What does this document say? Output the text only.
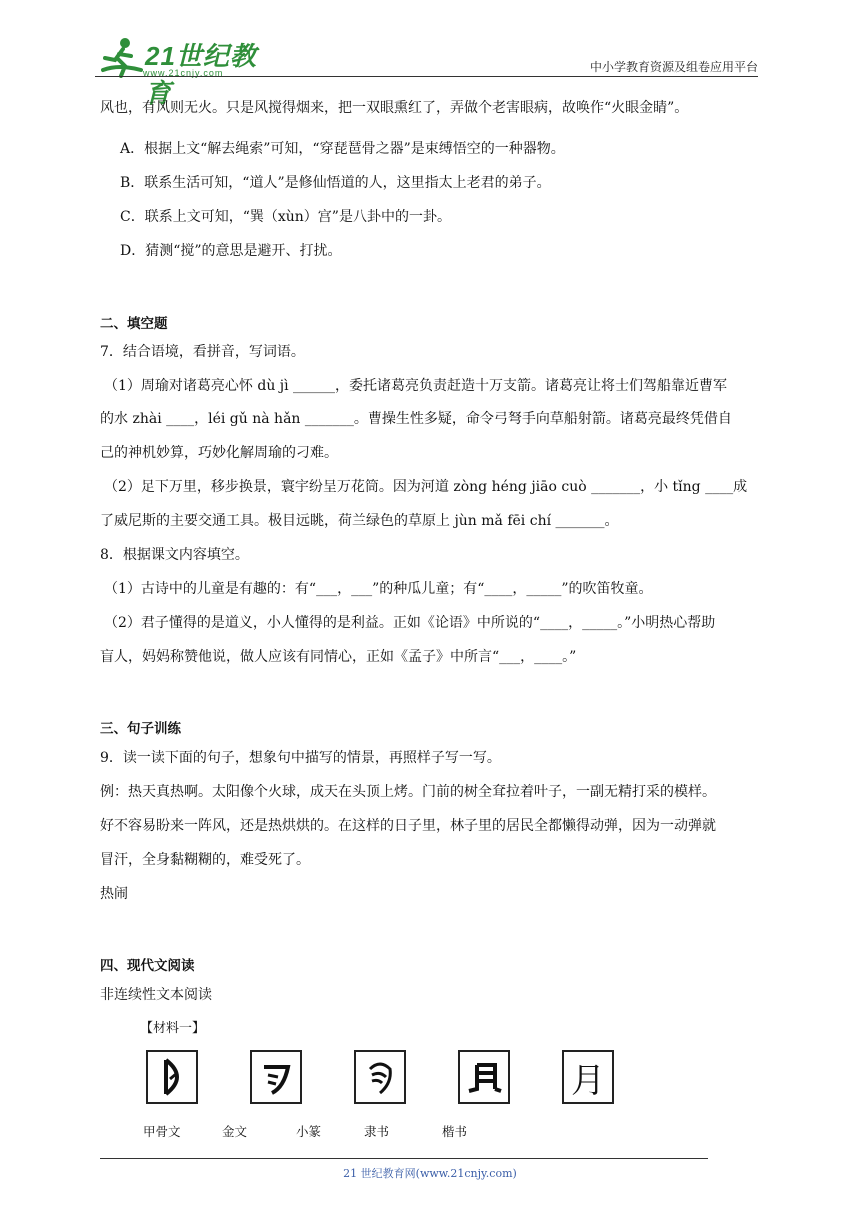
21世纪教育
www.21cnjy.com	中小学教育资源及组卷应用平台
风也，有风则无火。只是风搅得烟来，把一双眼熏红了，弄做个老害眼病，故唤作“火眼金睛”。
A．根据上文“解去绳索”可知，“穿琵琶骨之器”是束缚悟空的一种器物。
B．联系生活可知，“道人”是修仙悟道的人，这里指太上老君的弟子。
C．联系上文可知，“巽（xùn）宫”是八卦中的一卦。
D．猜测“搅”的意思是避开、打扰。
二、填空题
7．结合语境，看拼音，写词语。
（1）周瑜对诸葛亮心怀 dù jì ______，委托诸葛亮负责赶造十万支箭。诸葛亮让将士们驾船靠近曹军
的水 zhài ____，léi gǔ nà hǎn _______。曹操生性多疑，命令弓弩手向草船射箭。诸葛亮最终凭借自
己的神机妙算，巧妙化解周瑜的刁难。
（2）足下万里，移步换景，寰宇纷呈万花筒。因为河道 zòng héng jiāo cuò _______，小 tǐng ____成
了威尼斯的主要交通工具。极目远眺，荷兰绿色的草原上 jùn mǎ fēi chí _______。
8．根据课文内容填空。
（1）古诗中的儿童是有趣的：有“___，___”的种瓜儿童；有“____，_____”的吹笛牧童。
（2）君子懂得的是道义，小人懂得的是利益。正如《论语》中所说的“____，_____。”小明热心帮助
盲人，妈妈称赞他说，做人应该有同情心，正如《孟子》中所言“___，____。”
三、句子训练
9．读一读下面的句子，想象句中描写的情景，再照样子写一写。
例：热天真热啊。太阳像个火球，成天在头顶上烤。门前的树全耷拉着叶子，一副无精打采的模样。
好不容易盼来一阵风，还是热烘烘的。在这样的日子里，林子里的居民全都懒得动弹，因为一动弹就
冒汗，全身黏糊糊的，难受死了。
热闹
四、现代文阅读
非连续性文本阅读
【材料一】
月
甲骨文	金文	小篆	隶书	楷书
21 世纪教育网(www.21cnjy.com)
